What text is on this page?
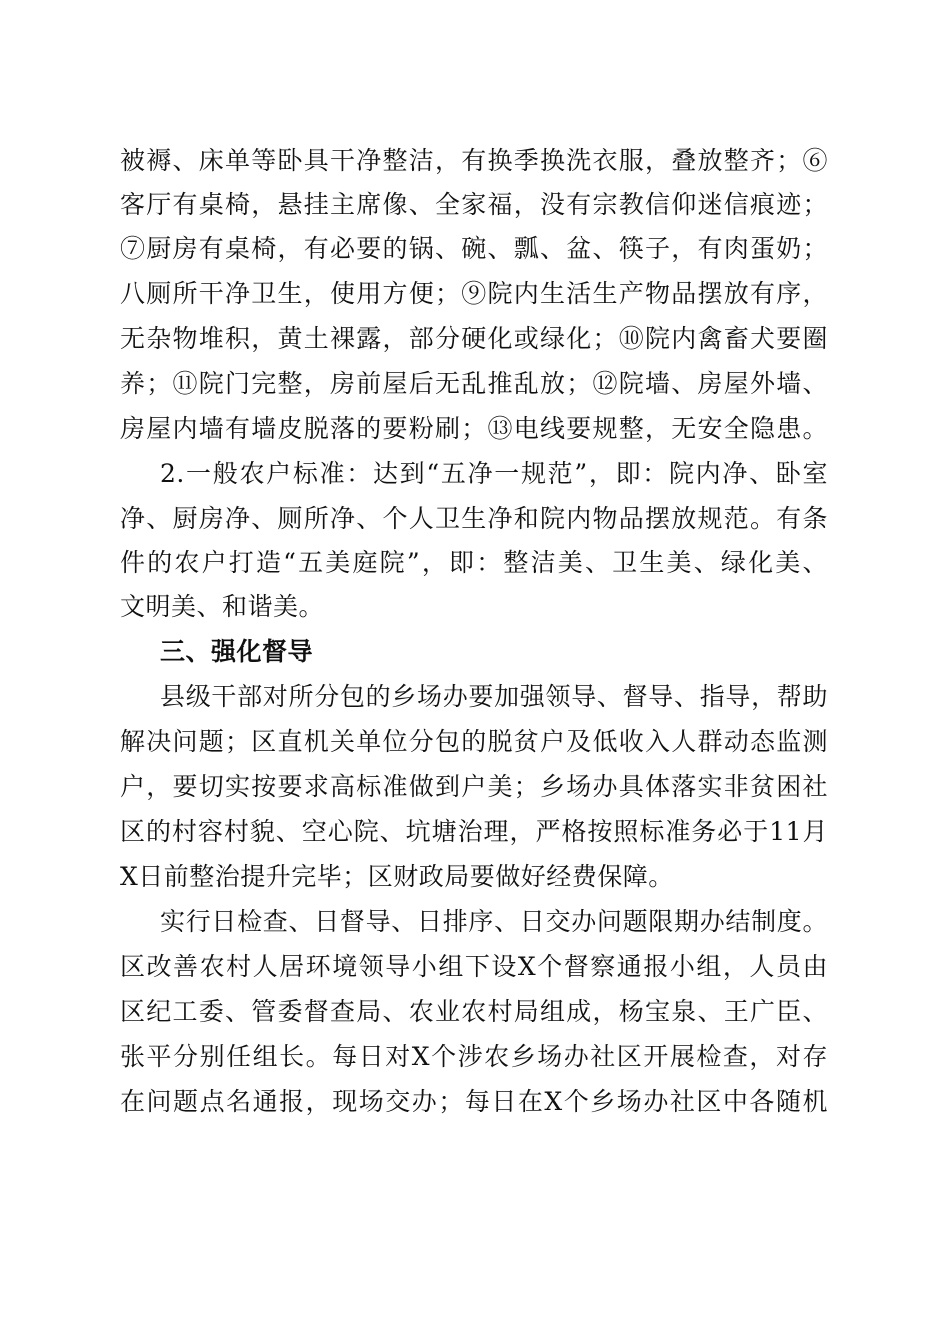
被褥、床单等卧具干净整洁，有换季换洗衣服，叠放整齐；⑥
客厅有桌椅，悬挂主席像、全家福，没有宗教信仰迷信痕迹；
⑦厨房有桌椅，有必要的锅、碗、瓢、盆、筷子，有肉蛋奶；
八厕所干净卫生，使用方便；⑨院内生活生产物品摆放有序，
无杂物堆积，黄土裸露，部分硬化或绿化；⑩院内禽畜犬要圈
养；⑪院门完整，房前屋后无乱推乱放；⑫院墙、房屋外墙、
房屋内墙有墙皮脱落的要粉刷；⑬电线要规整，无安全隐患。
2.一般农户标准：达到“五净一规范”，即：院内净、卧室
净、厨房净、厕所净、个人卫生净和院内物品摆放规范。有条
件的农户打造“五美庭院”，即：整洁美、卫生美、绿化美、
文明美、和谐美。
三、强化督导
县级干部对所分包的乡场办要加强领导、督导、指导，帮助
解决问题；区直机关单位分包的脱贫户及低收入人群动态监测
户，要切实按要求高标准做到户美；乡场办具体落实非贫困社
区的村容村貌、空心院、坑塘治理，严格按照标准务必于11月
X日前整治提升完毕；区财政局要做好经费保障。
实行日检查、日督导、日排序、日交办问题限期办结制度。
区改善农村人居环境领导小组下设X个督察通报小组，人员由
区纪工委、管委督查局、农业农村局组成，杨宝泉、王广臣、
张平分别任组长。每日对X个涉农乡场办社区开展检查，对存
在问题点名通报，现场交办；每日在X个乡场办社区中各随机
